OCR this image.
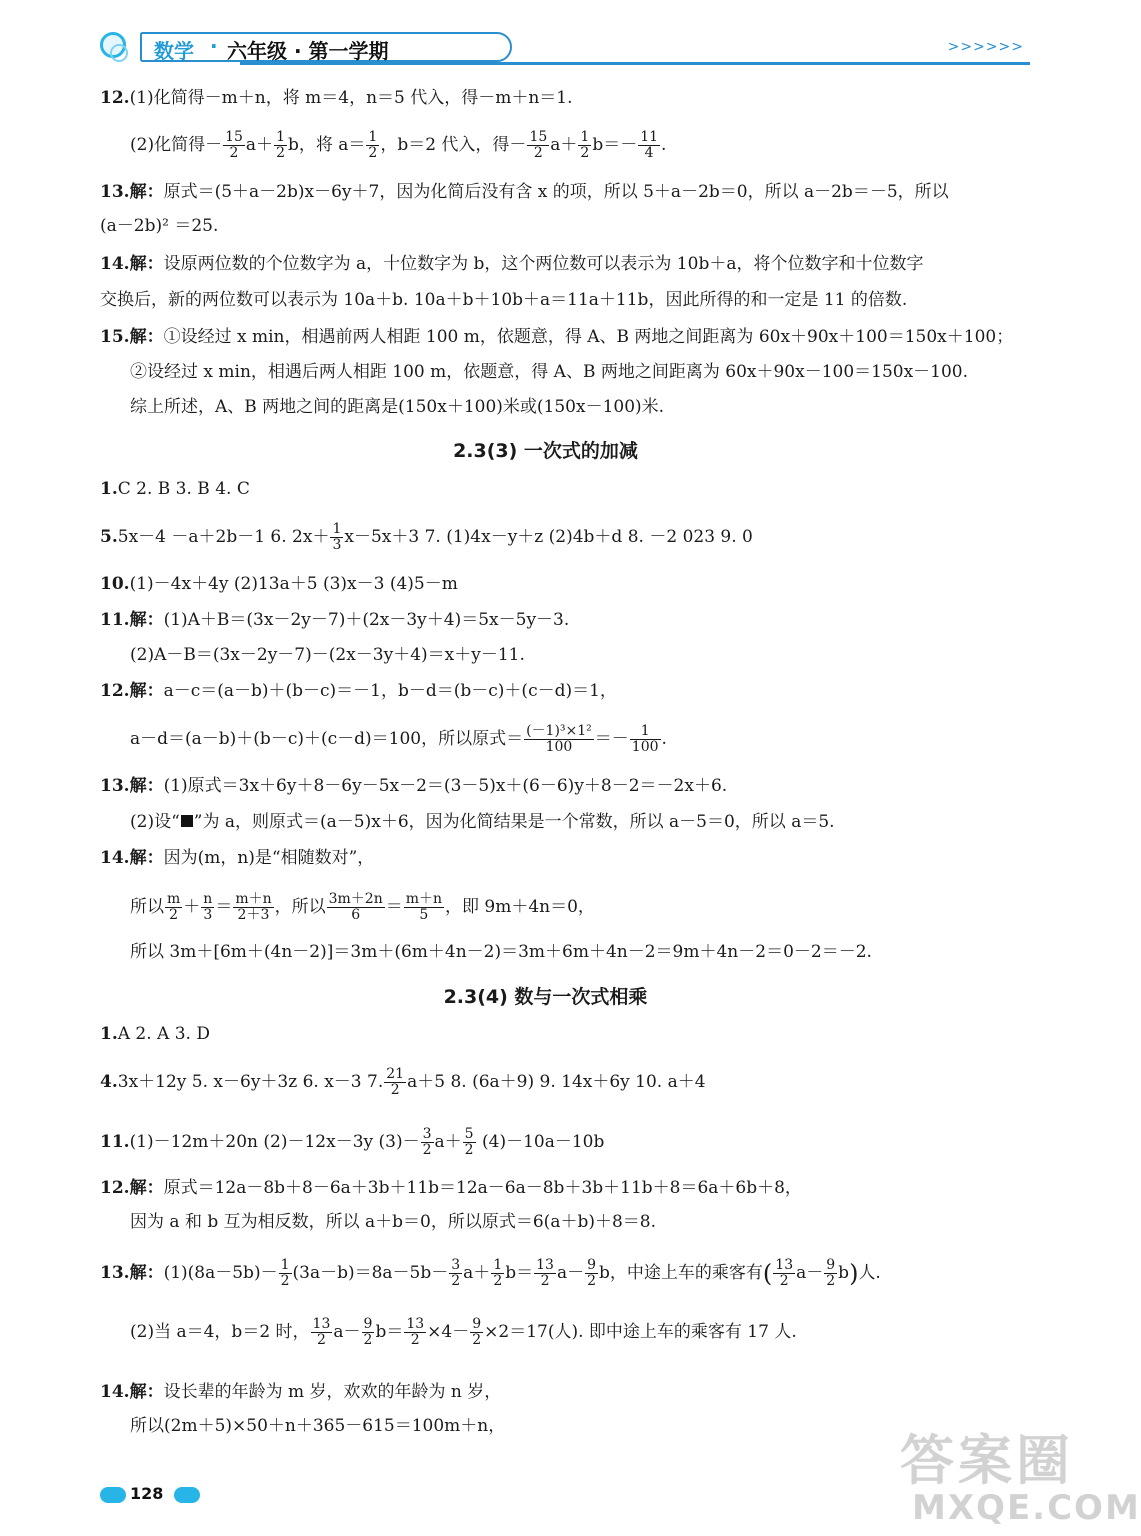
数学 · 六年级 · 第一学期	>>>>>>
12.(1)化简得－m＋n，将 m＝4，n＝5 代入，得－m＋n＝1.
(2)化简得－ $\frac{15}{2} a+ \frac{1}{2}$ b，将 $a= \frac{1}{2}$ ，b＝2 代入，得－ $\frac{15}{2} a+ \frac{1}{2} b=- \frac{11}{4}$ .
13.解：原式＝(5＋a－2b)x－6y＋7，因为化简后没有含 x 的项，所以 5＋a－2b＝0，所以 a－2b＝－5，所以
(a－2b)² ＝25.
14.解：设原两位数的个位数字为 a，十位数字为 b，这个两位数可以表示为 10b＋a，将个位数字和十位数字
交换后，新的两位数可以表示为 10a＋b. 10a＋b＋10b＋a＝11a＋11b，因此所得的和一定是 11 的倍数.
15.解：①设经过 x min，相遇前两人相距 100 m，依题意，得 A、B 两地之间距离为 60x＋90x＋100＝150x＋100；
②设经过 x min，相遇后两人相距 100 m，依题意，得 A、B 两地之间距离为 60x＋90x－100＝150x－100.
综上所述，A、B 两地之间的距离是(150x＋100)米或(150x－100)米.
2.3(3) 一次式的加减
1.C 2. B 3. B 4. C
5.5x－4 －a＋2b－1 6. $2x+ \frac{1}{3} x-5x+3$ 7. (1)4x－y＋z (2)4b＋d 8. －2 023 9. 0
10.(1)－4x＋4y (2)13a＋5 (3)x－3 (4)5－m
11.解：(1)A＋B＝(3x－2y－7)＋(2x－3y＋4)＝5x－5y－3.
(2)A－B＝(3x－2y－7)－(2x－3y＋4)＝x＋y－11.
12.解：a－c＝(a－b)＋(b－c)＝－1，b－d＝(b－c)＋(c－d)＝1，
a－d＝(a－b)＋(b－c)＋(c－d)＝100，所以原式＝ $\frac{\text{(－1)³×1²}}{100} =- \frac{1}{100}$ .
13.解：(1)原式＝3x＋6y＋8－6y－5x－2＝(3－5)x＋(6－6)y＋8－2＝－2x＋6.
(2)设“ ”为 a，则原式＝(a－5)x＋6，因为化简结果是一个常数，所以 a－5＝0，所以 a＝5.
14.解：因为(m，n)是“相随数对”，
所以 $\frac{m}{2} + \frac{n}{3} = \frac{m+n}{2+3}$ ，所以 $\frac{3m+2n}{6} = \frac{m+n}{5}$ ，即 9m＋4n＝0，
所以 3m＋[6m＋(4n－2)]＝3m＋(6m＋4n－2)＝3m＋6m＋4n－2＝9m＋4n－2＝0－2＝－2.
2.3(4) 数与一次式相乘
1.A 2. A 3. D
4.3x＋12y 5. x－6y＋3z 6. x－3 7. $\frac{21}{2} a+5$ 8. (6a＋9) 9. 14x＋6y 10. a＋4
11.(1)－12m＋20n (2)－12x－3y $(3)- \frac{3}{2} a+ \frac{5}{2} (4)-10a-10b$
12.解：原式＝12a－8b＋8－6a＋3b＋11b＝12a－6a－8b＋3b＋11b＋8＝6a＋6b＋8，
因为 a 和 b 互为相反数，所以 a＋b＝0，所以原式＝6(a＋b)＋8＝8.
13.解：$(1)(8a-5b)- \frac{1}{2} (3a-b)=8a-5b- \frac{3}{2} a+ \frac{1}{2} b= \frac{13}{2} a- \frac{9}{2}$ b，中途上车的乘客有( $\frac{13}{2} a- \frac{9}{2} b$)人.
(2)当 a＝4，b＝2 时， $\frac{13}{2} a- \frac{9}{2} b= \frac{13}{2} \times 4- \frac{9}{2} \times 2=17$(人). 即中途上车的乘客有 17 人.
14.解：设长辈的年龄为 m 岁，欢欢的年龄为 n 岁，
所以(2m＋5)×50＋n＋365－615＝100m＋n，
128
答案圈
MXQE.COM
